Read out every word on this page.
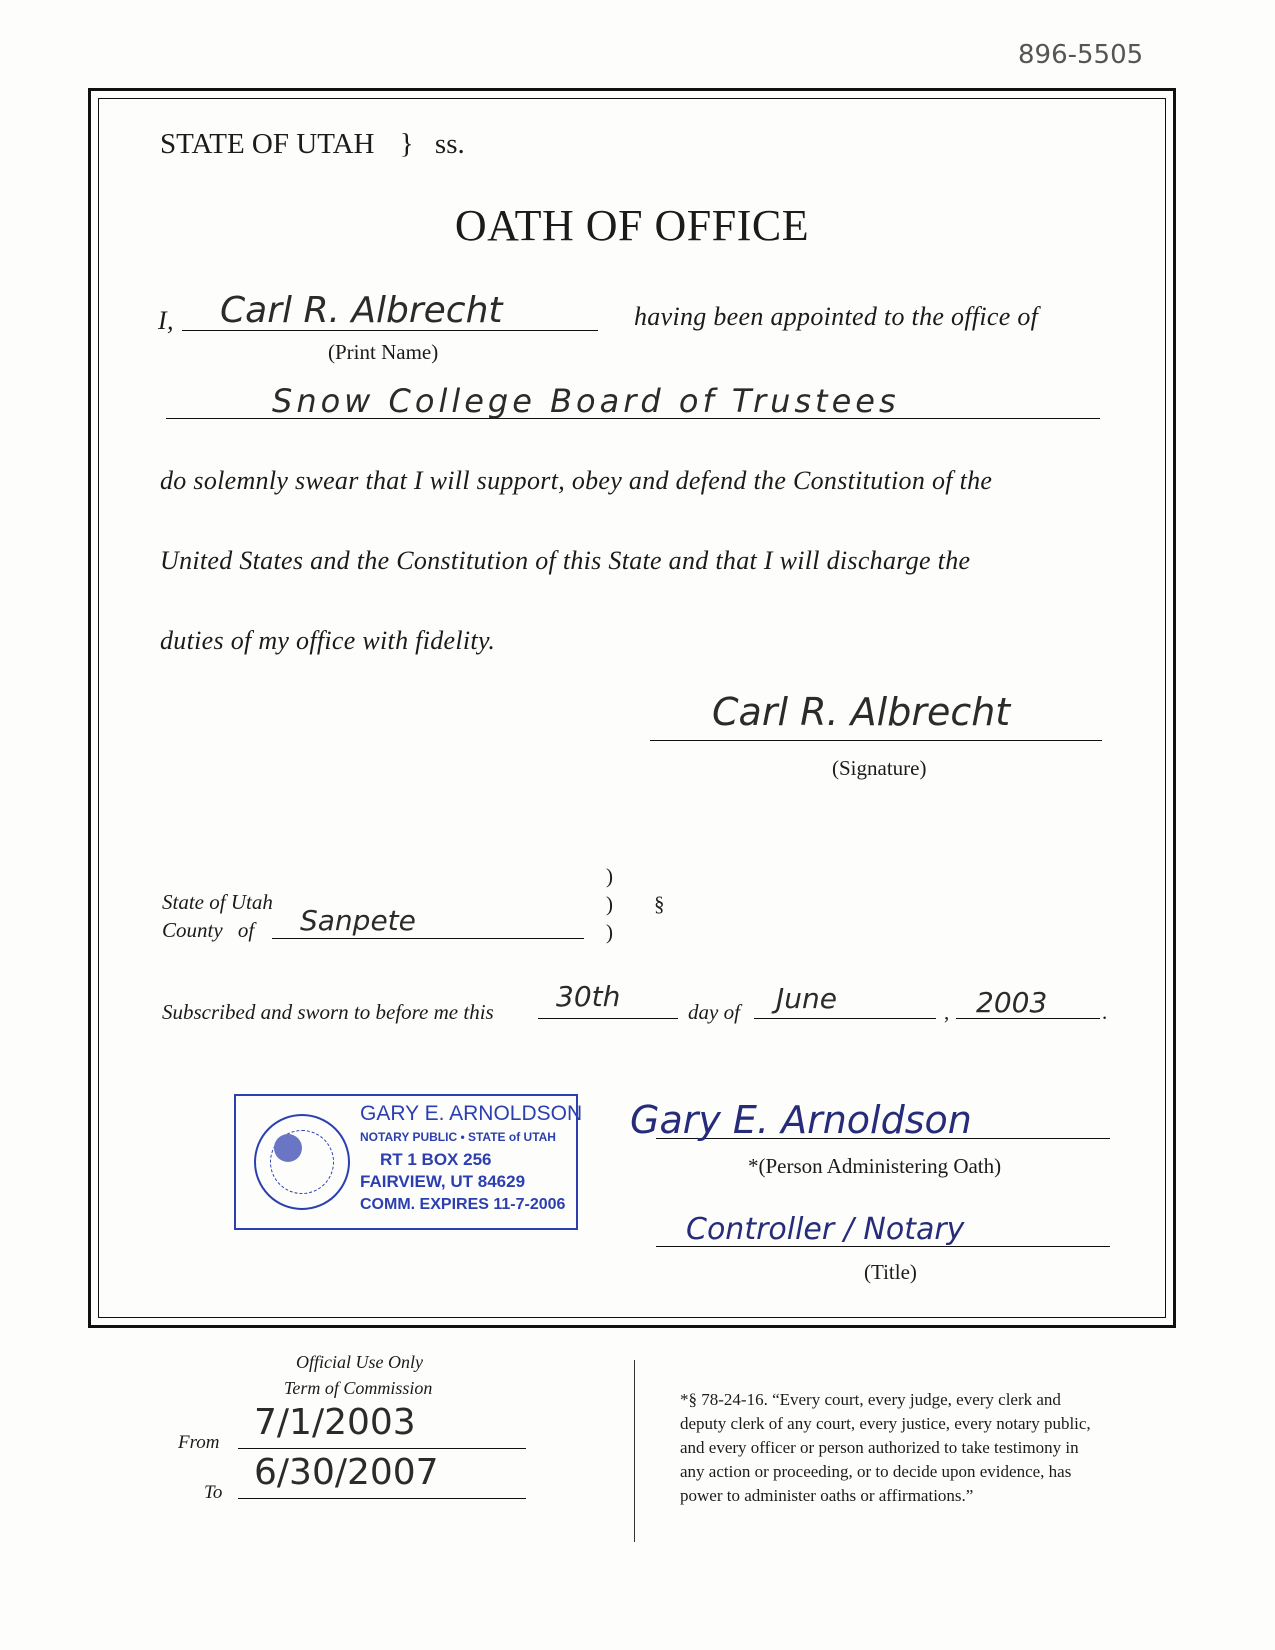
896-5505
STATE OF UTAH } ss.
OATH OF OFFICE
I, Carl R. Albrecht
(Print Name)
having been appointed to the office of
Snow College Board of Trustees
do solemnly swear that I will support, obey and defend the Constitution of the
United States and the Constitution of this State and that I will discharge the
duties of my office with fidelity.
Carl R. Albrecht
(Signature)
State of Utah
County of Sanpete
)
)
)
§
Subscribed and sworn to before me this 30th	day of June	, 2003	.
GARY E. ARNOLDSON
NOTARY PUBLIC • STATE of UTAH
RT 1 BOX 256
FAIRVIEW, UT 84629
COMM. EXPIRES 11-7-2006
Gary E. Arnoldson
*(Person Administering Oath)
Controller / Notary
(Title)
Official Use Only
Term of Commission
From 7/1/2003
To 6/30/2007
*§ 78-24-16. “Every court, every judge, every clerk and
deputy clerk of any court, every justice, every notary public,
and every officer or person authorized to take testimony in
any action or proceeding, or to decide upon evidence, has
power to administer oaths or affirmations.”
